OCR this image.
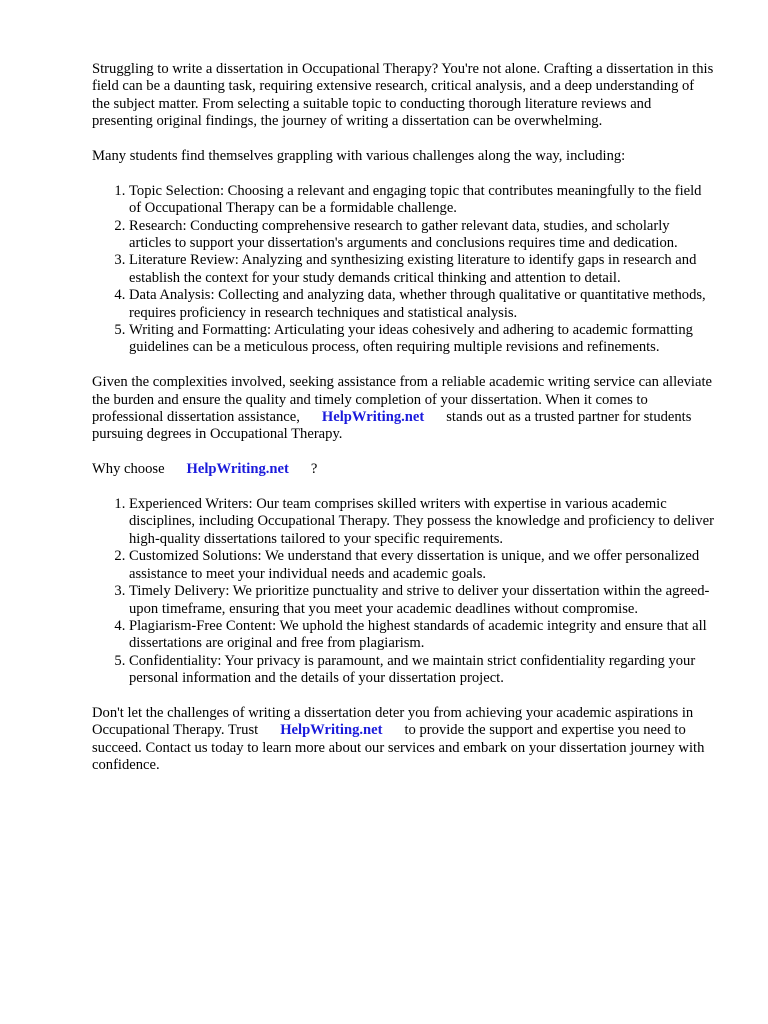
Struggling to write a dissertation in Occupational Therapy? You're not alone. Crafting a dissertation in this field can be a daunting task, requiring extensive research, critical analysis, and a deep understanding of the subject matter. From selecting a suitable topic to conducting thorough literature reviews and presenting original findings, the journey of writing a dissertation can be overwhelming.

Many students find themselves grappling with various challenges along the way, including:

1. Topic Selection: Choosing a relevant and engaging topic that contributes meaningfully to the field of Occupational Therapy can be a formidable challenge.
2. Research: Conducting comprehensive research to gather relevant data, studies, and scholarly articles to support your dissertation's arguments and conclusions requires time and dedication.
3. Literature Review: Analyzing and synthesizing existing literature to identify gaps in research and establish the context for your study demands critical thinking and attention to detail.
4. Data Analysis: Collecting and analyzing data, whether through qualitative or quantitative methods, requires proficiency in research techniques and statistical analysis.
5. Writing and Formatting: Articulating your ideas cohesively and adhering to academic formatting guidelines can be a meticulous process, often requiring multiple revisions and refinements.

Given the complexities involved, seeking assistance from a reliable academic writing service can alleviate the burden and ensure the quality and timely completion of your dissertation. When it comes to professional dissertation assistance, HelpWriting.net stands out as a trusted partner for students pursuing degrees in Occupational Therapy.

Why choose HelpWriting.net ?

1. Experienced Writers: Our team comprises skilled writers with expertise in various academic disciplines, including Occupational Therapy. They possess the knowledge and proficiency to deliver high-quality dissertations tailored to your specific requirements.
2. Customized Solutions: We understand that every dissertation is unique, and we offer personalized assistance to meet your individual needs and academic goals.
3. Timely Delivery: We prioritize punctuality and strive to deliver your dissertation within the agreed-upon timeframe, ensuring that you meet your academic deadlines without compromise.
4. Plagiarism-Free Content: We uphold the highest standards of academic integrity and ensure that all dissertations are original and free from plagiarism.
5. Confidentiality: Your privacy is paramount, and we maintain strict confidentiality regarding your personal information and the details of your dissertation project.

Don't let the challenges of writing a dissertation deter you from achieving your academic aspirations in Occupational Therapy. Trust HelpWriting.net to provide the support and expertise you need to succeed. Contact us today to learn more about our services and embark on your dissertation journey with confidence.
